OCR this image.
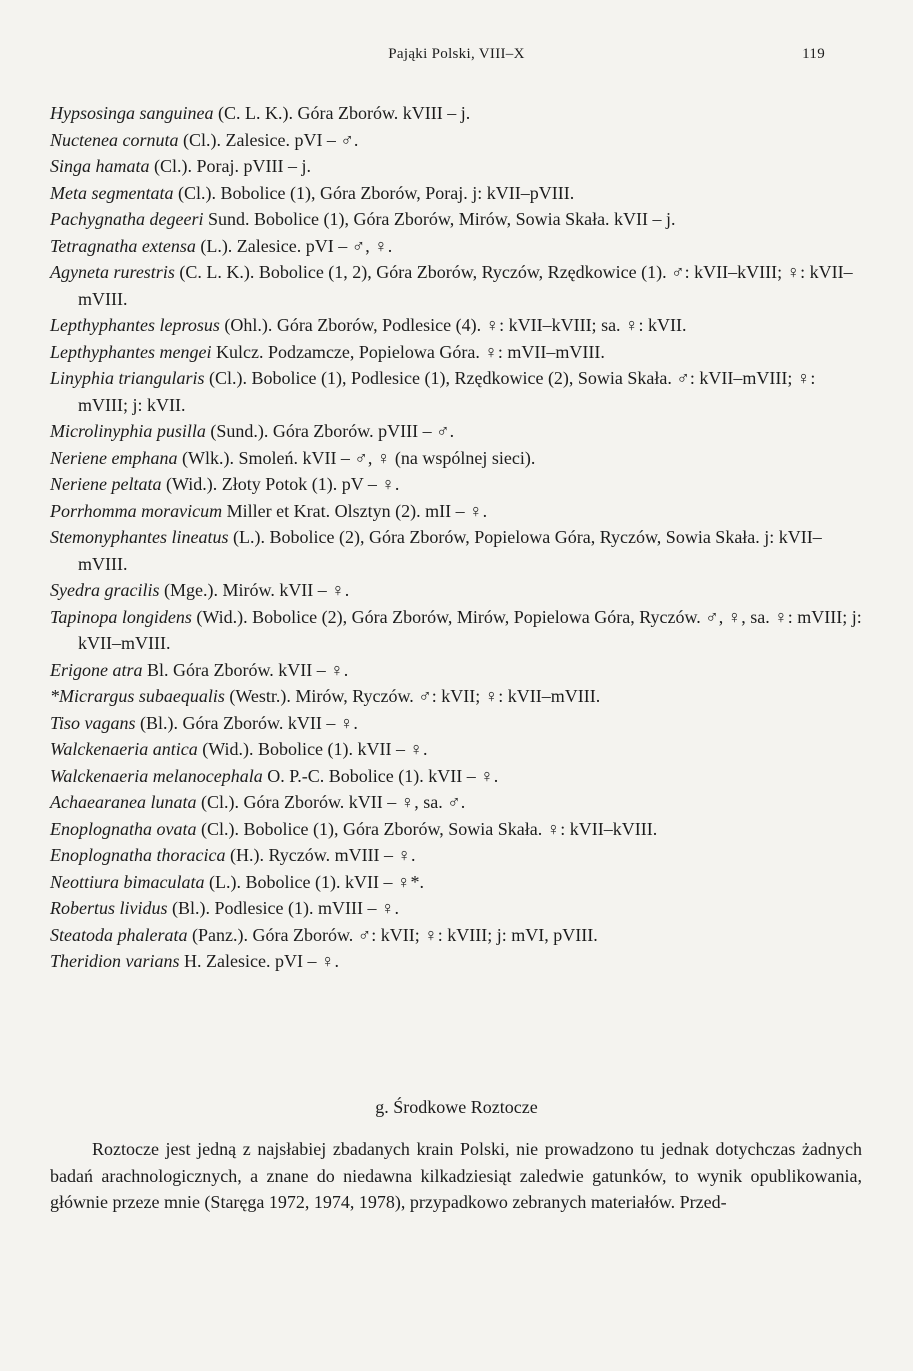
Pająki Polski, VIII–X	119
Hypsosinga sanguinea (C. L. K.). Góra Zborów. kVIII – j.
Nuctenea cornuta (Cl.). Zalesice. pVI – ♂.
Singa hamata (Cl.). Poraj. pVIII – j.
Meta segmentata (Cl.). Bobolice (1), Góra Zborów, Poraj. j: kVII–pVIII.
Pachygnatha degeeri Sund. Bobolice (1), Góra Zborów, Mirów, Sowia Skała. kVII – j.
Tetragnatha extensa (L.). Zalesice. pVI – ♂, ♀.
Agyneta rurestris (C. L. K.). Bobolice (1, 2), Góra Zborów, Ryczów, Rzędkowice (1). ♂: kVII–kVIII; ♀: kVII–mVIII.
Lepthyphantes leprosus (Ohl.). Góra Zborów, Podlesice (4). ♀: kVII–kVIII; sa. ♀: kVII.
Lepthyphantes mengei Kulcz. Podzamcze, Popielowa Góra. ♀: mVII–mVIII.
Linyphia triangularis (Cl.). Bobolice (1), Podlesice (1), Rzędkowice (2), Sowia Skała. ♂: kVII–mVIII; ♀: mVIII; j: kVII.
Microlinyphia pusilla (Sund.). Góra Zborów. pVIII – ♂.
Neriene emphana (Wlk.). Smoleń. kVII – ♂, ♀ (na wspólnej sieci).
Neriene peltata (Wid.). Złoty Potok (1). pV – ♀.
Porrhomma moravicum Miller et Krat. Olsztyn (2). mII – ♀.
Stemonyphantes lineatus (L.). Bobolice (2), Góra Zborów, Popielowa Góra, Ryczów, Sowia Skała. j: kVII–mVIII.
Syedra gracilis (Mge.). Mirów. kVII – ♀.
Tapinopa longidens (Wid.). Bobolice (2), Góra Zborów, Mirów, Popielowa Góra, Ryczów. ♂, ♀, sa. ♀: mVIII; j: kVII–mVIII.
Erigone atra Bl. Góra Zborów. kVII – ♀.
*Micrargus subaequalis (Westr.). Mirów, Ryczów. ♂: kVII; ♀: kVII–mVIII.
Tiso vagans (Bl.). Góra Zborów. kVII – ♀.
Walckenaeria antica (Wid.). Bobolice (1). kVII – ♀.
Walckenaeria melanocephala O. P.-C. Bobolice (1). kVII – ♀.
Achaearanea lunata (Cl.). Góra Zborów. kVII – ♀, sa. ♂.
Enoplognatha ovata (Cl.). Bobolice (1), Góra Zborów, Sowia Skała. ♀: kVII–kVIII.
Enoplognatha thoracica (H.). Ryczów. mVIII – ♀.
Neottiura bimaculata (L.). Bobolice (1). kVII – ♀*.
Robertus lividus (Bl.). Podlesice (1). mVIII – ♀.
Steatoda phalerata (Panz.). Góra Zborów. ♂: kVII; ♀: kVIII; j: mVI, pVIII.
Theridion varians H. Zalesice. pVI – ♀.
g. Środkowe Roztocze

Roztocze jest jedną z najsłabiej zbadanych krain Polski, nie prowadzono tu jednak dotychczas żadnych badań arachnologicznych, a znane do niedawna kilkadziesiąt zaledwie gatunków, to wynik opublikowania, głównie przeze mnie (Staręga 1972, 1974, 1978), przypadkowo zebranych materiałów. Przed-
